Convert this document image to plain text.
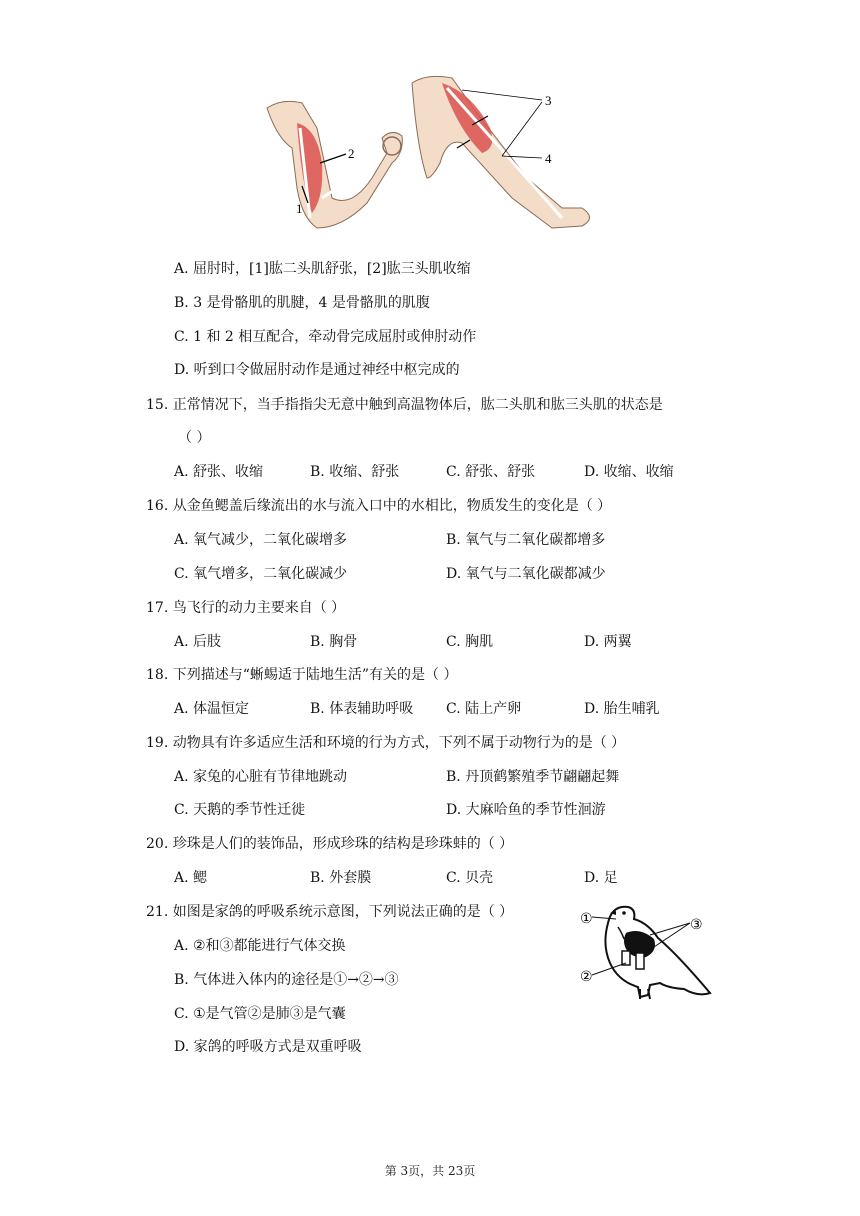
1
2
3
4
A. 屈肘时，[1]肱二头肌舒张，[2]肱三头肌收缩
B. 3 是骨骼肌的肌腱，4 是骨骼肌的肌腹
C. 1 和 2 相互配合，牵动骨完成屈肘或伸肘动作
D. 听到口令做屈肘动作是通过神经中枢完成的
15. 正常情况下，当手指指尖无意中触到高温物体后，肱二头肌和肱三头肌的状态是
（ ）
A. 舒张、收缩	B. 收缩、舒张	C. 舒张、舒张	D. 收缩、收缩
16. 从金鱼鳃盖后缘流出的水与流入口中的水相比，物质发生的变化是（ ）
A. 氧气减少，二氧化碳增多	B. 氧气与二氧化碳都增多
C. 氧气增多，二氧化碳减少	D. 氧气与二氧化碳都减少
17. 鸟飞行的动力主要来自（ ）
A. 后肢	B. 胸骨	C. 胸肌	D. 两翼
18. 下列描述与“蜥蜴适于陆地生活”有关的是（ ）
A. 体温恒定	B. 体表辅助呼吸 C. 陆上产卵	D. 胎生哺乳
19. 动物具有许多适应生活和环境的行为方式，下列不属于动物行为的是（ ）
A. 家兔的心脏有节律地跳动	B. 丹顶鹤繁殖季节翩翩起舞
C. 天鹅的季节性迁徙	D. 大麻哈鱼的季节性洄游
20. 珍珠是人们的装饰品，形成珍珠的结构是珍珠蚌的（ ）
A. 鳃	B. 外套膜	C. 贝壳	D. 足
21. 如图是家鸽的呼吸系统示意图，下列说法正确的是（ ）
A. ②和③都能进行气体交换
B. 气体进入体内的途径是①→②→③
C. ①是气管②是肺③是气囊
D. 家鸽的呼吸方式是双重呼吸
①
②
③
第 3页，共 23页
